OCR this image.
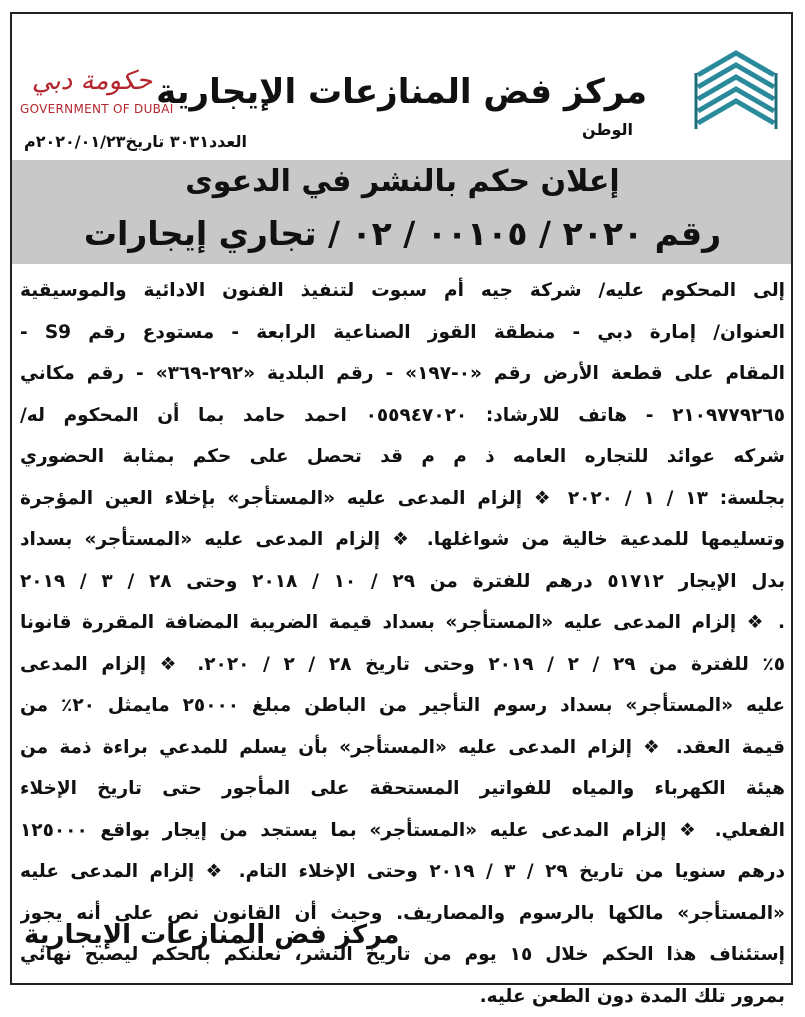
مركز فض المنازعات الإيجارية
الوطن
حكومة دبي
GOVERNMENT OF DUBAI
العدد٣٠٣١ تاريخ٢٠٢٠/٠١/٢٣م
إعلان حكم بالنشر في الدعوى
رقم ٢٠٢٠ / ٠٠١٠٥ / ٠٢ / تجاري إيجارات
إلى المحكوم عليه/ شركة جيه أم سبوت لتنفيذ الفنون الادائية والموسيقية
العنوان/ إمارة دبي - منطقة القوز الصناعية الرابعة - مستودع رقم S9 -
المقام على قطعة الأرض رقم «٠-١٩٧» - رقم البلدية «٢٩٢-٣٦٩» - رقم مكاني
٢١٠٩٧٧٩٢٦٥ - هاتف للارشاد: ٠٥٥٩٤٧٠٢٠ احمد حامد بما أن المحكوم له/
شركه عوائد للتجاره العامه ذ م م قد تحصل على حكم بمثابة الحضوري
بجلسة: ١٣ / ١ / ٢٠٢٠ ❖ إلزام المدعى عليه «المستأجر» بإخلاء العين المؤجرة
وتسليمها للمدعية خالية من شواغلها. ❖ إلزام المدعى عليه «المستأجر» بسداد
بدل الإيجار ٥١٧١٢ درهم للفترة من ٢٩ / ١٠ / ٢٠١٨ وحتى ٢٨ / ٣ / ٢٠١٩
. ❖ إلزام المدعى عليه «المستأجر» بسداد قيمة الضريبة المضافة المقررة قانونا
٥٪ للفترة من ٢٩ / ٢ / ٢٠١٩ وحتى تاريخ ٢٨ / ٢ / ٢٠٢٠. ❖ إلزام المدعى
عليه «المستأجر» بسداد رسوم التأجير من الباطن مبلغ ٢٥٠٠٠ مايمثل ٢٠٪ من
قيمة العقد. ❖ إلزام المدعى عليه «المستأجر» بأن يسلم للمدعي براءة ذمة من
هيئة الكهرباء والمياه للفواتير المستحقة على المأجور حتى تاريخ الإخلاء
الفعلي. ❖ إلزام المدعى عليه «المستأجر» بما يستجد من إيجار بواقع ١٢٥٠٠٠
درهم سنويا من تاريخ ٢٩ / ٣ / ٢٠١٩ وحتى الإخلاء التام. ❖ إلزام المدعى عليه
«المستأجر» مالكها بالرسوم والمصاريف. وحيث أن القانون نص على أنه يجوز
إستئناف هذا الحكم خلال ١٥ يوم من تاريخ النشر، نعلنكم بالحكم ليصبح نهائي
بمرور تلك المدة دون الطعن عليه.
مركز فض المنازعات الإيجارية
